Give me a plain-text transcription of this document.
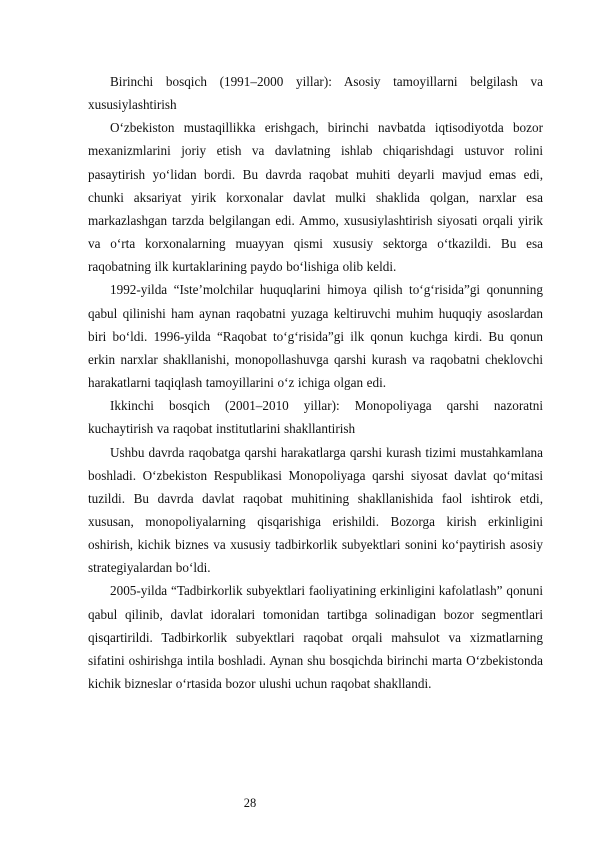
Birinchi bosqich (1991–2000 yillar): Asosiy tamoyillarni belgilash va xususiylashtirish

O‘zbekiston mustaqillikka erishgach, birinchi navbatda iqtisodiyotda bozor mexanizmlarini joriy etish va davlatning ishlab chiqarishdagi ustuvor rolini pasaytirish yo‘lidan bordi. Bu davrda raqobat muhiti deyarli mavjud emas edi, chunki aksariyat yirik korxonalar davlat mulki shaklida qolgan, narxlar esa markazlashgan tarzda belgilangan edi. Ammo, xususiylashtirish siyosati orqali yirik va o‘rta korxonalarning muayyan qismi xususiy sektorga o‘tkazildi. Bu esa raqobatning ilk kurtaklarining paydo bo‘lishiga olib keldi.

1992-yilda “Iste’molchilar huquqlarini himoya qilish to‘g‘risida”gi qonunning qabul qilinishi ham aynan raqobatni yuzaga keltiruvchi muhim huquqiy asoslardan biri bo‘ldi. 1996-yilda “Raqobat to‘g‘risida”gi ilk qonun kuchga kirdi. Bu qonun erkin narxlar shakllanishi, monopollashuvga qarshi kurash va raqobatni cheklovchi harakatlarni taqiqlash tamoyillarini o‘z ichiga olgan edi.

Ikkinchi bosqich (2001–2010 yillar): Monopoliyaga qarshi nazoratni kuchaytirish va raqobat institutlarini shakllantirish

Ushbu davrda raqobatga qarshi harakatlarga qarshi kurash tizimi mustahkamlana boshladi. O‘zbekiston Respublikasi Monopoliyaga qarshi siyosat davlat qo‘mitasi tuzildi. Bu davrda davlat raqobat muhitining shakllanishida faol ishtirok etdi, xususan, monopoliyalarning qisqarishiga erishildi. Bozorga kirish erkinligini oshirish, kichik biznes va xususiy tadbirkorlik subyektlari sonini ko‘paytirish asosiy strategiyalardan bo‘ldi.

2005-yilda “Tadbirkorlik subyektlari faoliyatining erkinligini kafolatlash” qonuni qabul qilinib, davlat idoralari tomonidan tartibga solinadigan bozor segmentlari qisqartirildi. Tadbirkorlik subyektlari raqobat orqali mahsulot va xizmatlarning sifatini oshirishga intila boshladi. Aynan shu bosqichda birinchi marta O‘zbekistonda kichik bizneslar o‘rtasida bozor ulushi uchun raqobat shakllandi.

28
